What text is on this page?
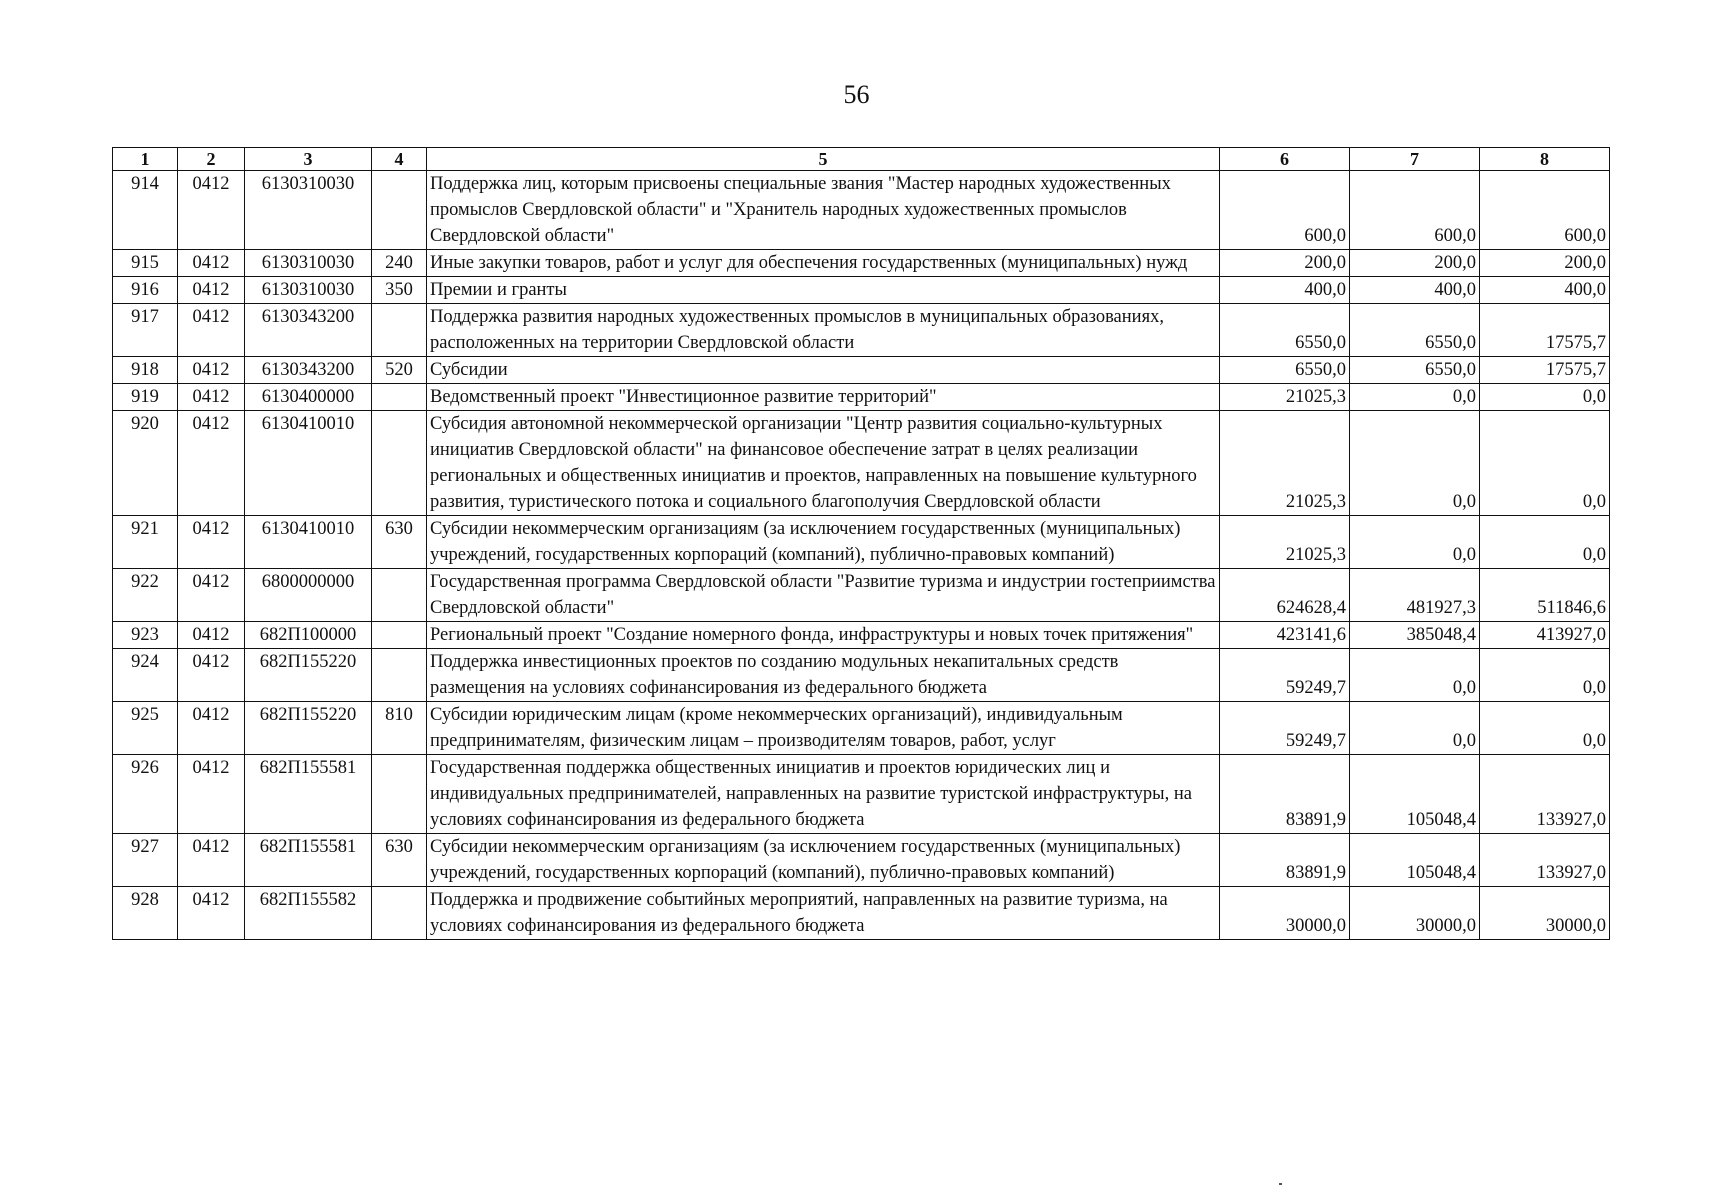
56
1	2	3	4	5	6	7	8
914	0412	6130310030		Поддержка лиц, которым присвоены специальные звания "Мастер народных художественных промыслов Свердловской области" и "Хранитель народных художественных промыслов Свердловской области"	600,0	600,0	600,0
915	0412	6130310030	240	Иные закупки товаров, работ и услуг для обеспечения государственных (муниципальных) нужд	200,0	200,0	200,0
916	0412	6130310030	350	Премии и гранты	400,0	400,0	400,0
917	0412	6130343200		Поддержка развития народных художественных промыслов в муниципальных образованиях, расположенных на территории Свердловской области	6550,0	6550,0	17575,7
918	0412	6130343200	520	Субсидии	6550,0	6550,0	17575,7
919	0412	6130400000		Ведомственный проект "Инвестиционное развитие территорий"	21025,3	0,0	0,0
920	0412	6130410010		Субсидия автономной некоммерческой организации "Центр развития социально-культурных инициатив Свердловской области" на финансовое обеспечение затрат в целях реализации региональных и общественных инициатив и проектов, направленных на повышение культурного развития, туристического потока и социального благополучия Свердловской области	21025,3	0,0	0,0
921	0412	6130410010	630	Субсидии некоммерческим организациям (за исключением государственных (муниципальных) учреждений, государственных корпораций (компаний), публично-правовых компаний)	21025,3	0,0	0,0
922	0412	6800000000		Государственная программа Свердловской области "Развитие туризма и индустрии гостеприимства Свердловской области"	624628,4	481927,3	511846,6
923	0412	682П100000		Региональный проект "Создание номерного фонда, инфраструктуры и новых точек притяжения"	423141,6	385048,4	413927,0
924	0412	682П155220		Поддержка инвестиционных проектов по созданию модульных некапитальных средств размещения на условиях софинансирования из федерального бюджета	59249,7	0,0	0,0
925	0412	682П155220	810	Субсидии юридическим лицам (кроме некоммерческих организаций), индивидуальным предпринимателям, физическим лицам – производителям товаров, работ, услуг	59249,7	0,0	0,0
926	0412	682П155581		Государственная поддержка общественных инициатив и проектов юридических лиц и индивидуальных предпринимателей, направленных на развитие туристской инфраструктуры, на условиях софинансирования из федерального бюджета	83891,9	105048,4	133927,0
927	0412	682П155581	630	Субсидии некоммерческим организациям (за исключением государственных (муниципальных) учреждений, государственных корпораций (компаний), публично-правовых компаний)	83891,9	105048,4	133927,0
928	0412	682П155582		Поддержка и продвижение событийных мероприятий, направленных на развитие туризма, на условиях софинансирования из федерального бюджета	30000,0	30000,0	30000,0
